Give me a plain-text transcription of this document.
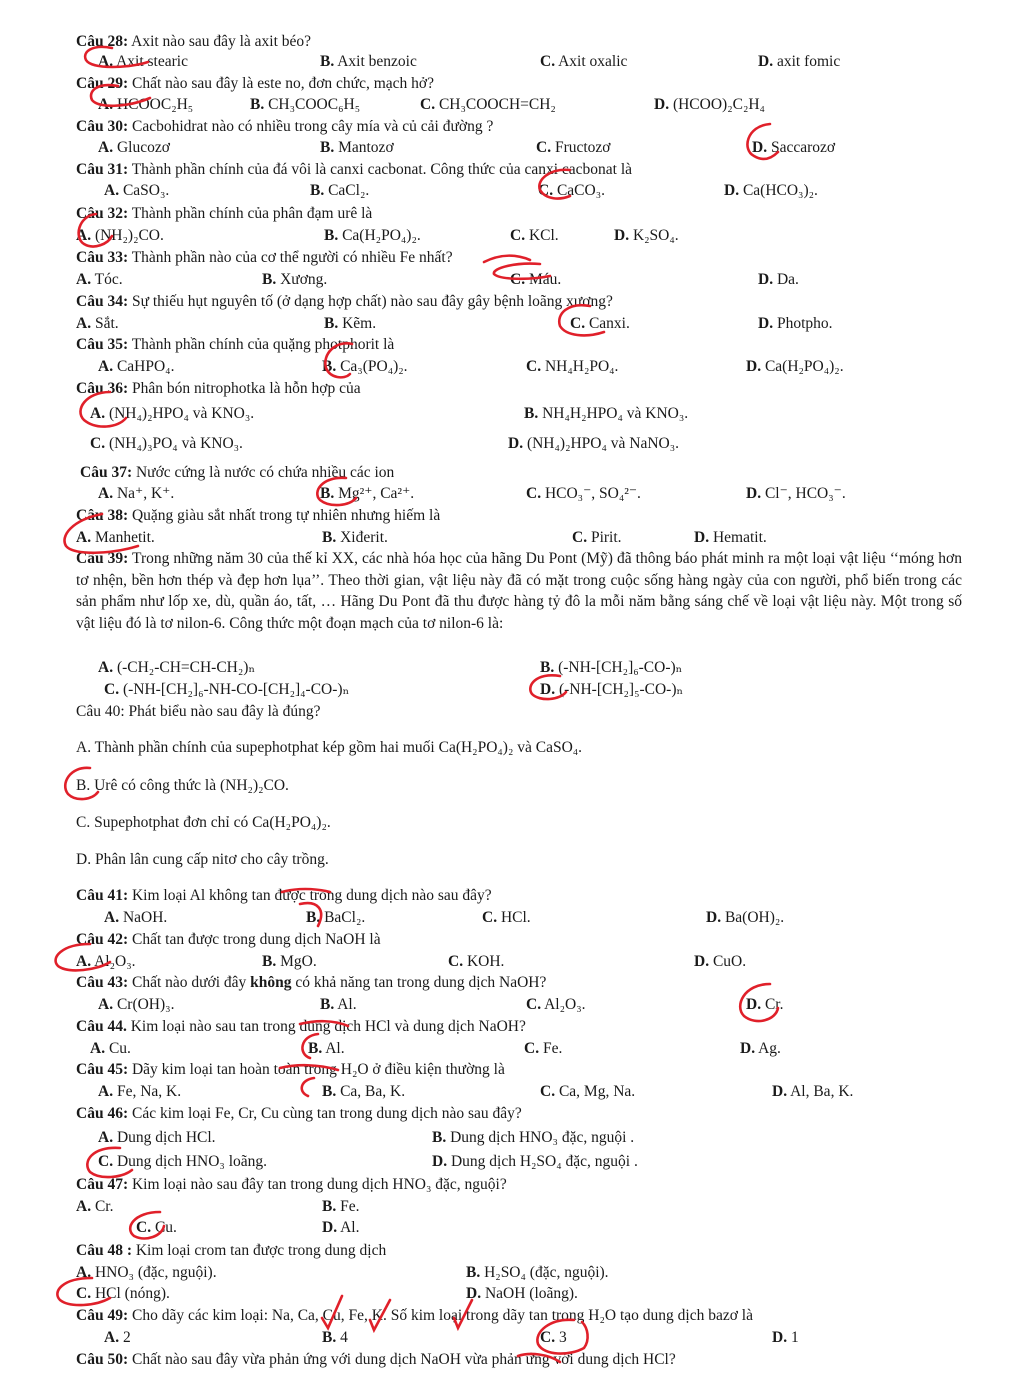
Câu 28: Axit nào sau đây là axit béo?
A. Axit stearic	B. Axit benzoic	C. Axit oxalic	D. axit fomic
Câu 29: Chất nào sau đây là este no, đơn chức, mạch hở?
A. HCOOC₂H₅	B. CH₃COOC₆H₅	C. CH₃COOCH=CH₂	D. (HCOO)₂C₂H₄
Câu 30: Cacbohidrat nào có nhiều trong cây mía và củ cải đường ?
A. Glucozơ	B. Mantozơ	C. Fructozơ	D. Saccarozơ
Câu 31: Thành phần chính của đá vôi là canxi cacbonat. Công thức của canxi cacbonat là
A. CaSO₃.	B. CaCl₂.	C. CaCO₃.	D. Ca(HCO₃)₂.
Câu 32: Thành phần chính của phân đạm urê là
A. (NH₂)₂CO.	B. Ca(H₂PO₄)₂.	C. KCl.	D. K₂SO₄.
Câu 33: Thành phần nào của cơ thể người có nhiều Fe nhất?
A. Tóc.	B. Xương.	C. Máu.	D. Da.
Câu 34: Sự thiếu hụt nguyên tố (ở dạng hợp chất) nào sau đây gây bệnh loãng xương?
A. Sắt.	B. Kẽm.	C. Canxi.	D. Photpho.
Câu 35: Thành phần chính của quặng photphorit là
A. CaHPO₄.	B. Ca₃(PO₄)₂.	C. NH₄H₂PO₄.	D. Ca(H₂PO₄)₂.
Câu 36: Phân bón nitrophotka là hỗn hợp của
A. (NH₄)₂HPO₄ và KNO₃.	B. NH₄H₂HPO₄ và KNO₃.
C. (NH₄)₃PO₄ và KNO₃.	D. (NH₄)₂HPO₄ và NaNO₃.
Câu 37: Nước cứng là nước có chứa nhiều các ion
A. Na⁺, K⁺.	B. Mg²⁺, Ca²⁺.	C. HCO₃⁻, SO₄²⁻.	D. Cl⁻, HCO₃⁻.
Câu 38: Quặng giàu sắt nhất trong tự nhiên nhưng hiếm là
A. Manhetit.	B. Xiđerit.	C. Pirit.	D. Hematit.
Câu 39: Trong những năm 30 của thế kỉ XX, các nhà hóa học của hãng Du Pont (Mỹ) đã thông báo phát minh ra một loại vật liệu ‘‘móng hơn tơ nhện, bền hơn thép và đẹp hơn lụa’’. Theo thời gian, vật liệu này đã có mặt trong cuộc sống hàng ngày của con người, phổ biến trong các sản phẩm như lốp xe, dù, quần áo, tất, … Hãng Du Pont đã thu được hàng tỷ đô la mỗi năm bằng sáng chế về loại vật liệu này. Một trong số vật liệu đó là tơ nilon-6. Công thức một đoạn mạch của tơ nilon-6 là:
A. (-CH₂-CH=CH-CH₂)ₙ	B. (-NH-[CH₂]₆-CO-)ₙ
C. (-NH-[CH₂]₆-NH-CO-[CH₂]₄-CO-)ₙ	D. (-NH-[CH₂]₅-CO-)ₙ
Câu 40: Phát biểu nào sau đây là đúng?
A. Thành phần chính của supephotphat kép gồm hai muối Ca(H₂PO₄)₂ và CaSO₄.
B. Urê có công thức là (NH₂)₂CO.
C. Supephotphat đơn chỉ có Ca(H₂PO₄)₂.
D. Phân lân cung cấp nitơ cho cây trồng.
Câu 41: Kim loại Al không tan được trong dung dịch nào sau đây?
A. NaOH.	B. BaCl₂.	C. HCl.	D. Ba(OH)₂.
Câu 42: Chất tan được trong dung dịch NaOH là
A. Al₂O₃.	B. MgO.	C. KOH.	D. CuO.
Câu 43: Chất nào dưới đây không có khả năng tan trong dung dịch NaOH?
A. Cr(OH)₃.	B. Al.	C. Al₂O₃.	D. Cr.
Câu 44. Kim loại nào sau tan trong dung dịch HCl và dung dịch NaOH?
A. Cu.	B. Al.	C. Fe.	D. Ag.
Câu 45: Dãy kim loại tan hoàn toàn trong H₂O ở điều kiện thường là
A. Fe, Na, K.	B. Ca, Ba, K.	C. Ca, Mg, Na.	D. Al, Ba, K.
Câu 46: Các kim loại Fe, Cr, Cu cùng tan trong dung dịch nào sau đây?
A. Dung dịch HCl.	B. Dung dịch HNO₃ đặc, nguội .
C. Dung dịch HNO₃ loãng.	D. Dung dịch H₂SO₄ đặc, nguội .
Câu 47: Kim loại nào sau đây tan trong dung dịch HNO₃ đặc, nguội?
A. Cr.	B. Fe.
C. Cu.	D. Al.
Câu 48 : Kim loại crom tan được trong dung dịch
A. HNO₃ (đặc, nguội).	B. H₂SO₄ (đặc, nguội).
C. HCl (nóng).	D. NaOH (loãng).
Câu 49: Cho dãy các kim loại: Na, Ca, Cu, Fe, K. Số kim loại trong dãy tan trong H₂O tạo dung dịch bazơ là
A. 2	B. 4	C. 3	D. 1
Câu 50: Chất nào sau đây vừa phản ứng với dung dịch NaOH vừa phản ứng với dung dịch HCl?
